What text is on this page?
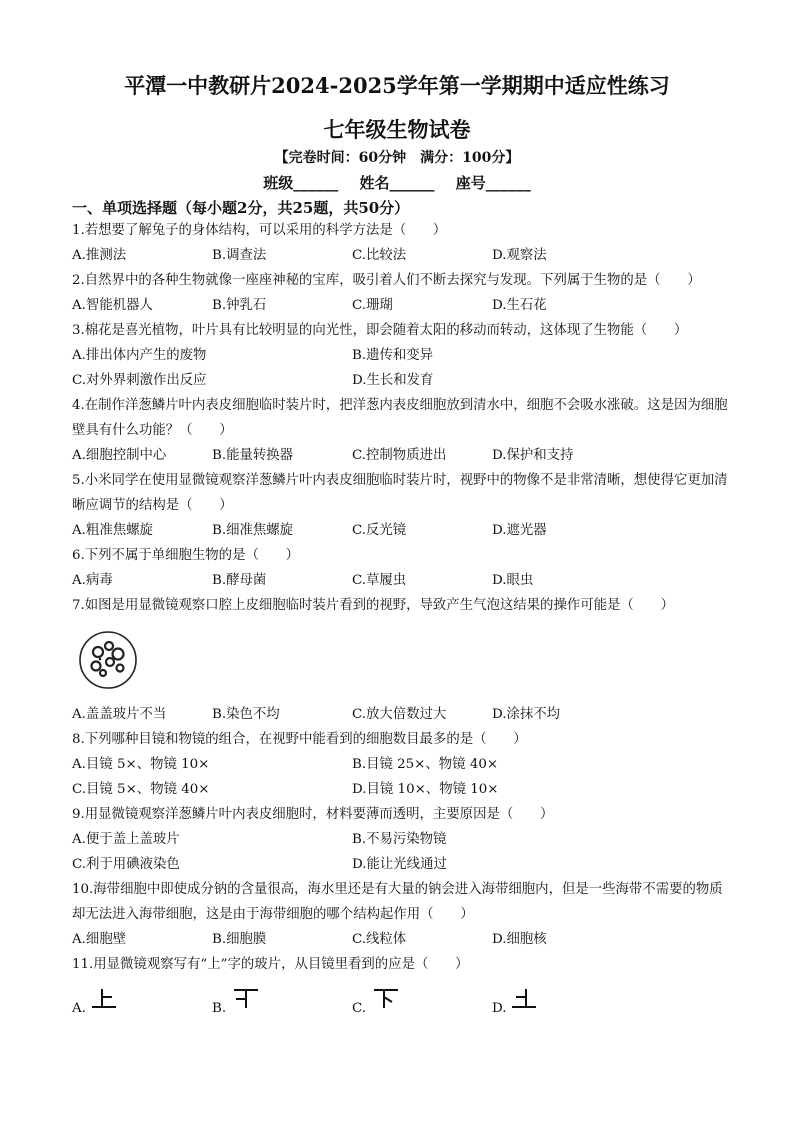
平潭一中教研片2024-2025学年第一学期期中适应性练习
七年级生物试卷
【完卷时间：60分钟　满分：100分】
班级______ 姓名______ 座号______
一、单项选择题（每小题2分，共25题，共50分）
1.若想要了解兔子的身体结构，可以采用的科学方法是（　　）
A.推测法	B.调查法	C.比较法	D.观察法
2.自然界中的各种生物就像一座座神秘的宝库，吸引着人们不断去探究与发现。下列属于生物的是（　　）
A.智能机器人	B.钟乳石	C.珊瑚	D.生石花
3.棉花是喜光植物，叶片具有比较明显的向光性，即会随着太阳的移动而转动，这体现了生物能（　　）
A.排出体内产生的废物	B.遗传和变异
C.对外界刺激作出反应	D.生长和发育
4.在制作洋葱鳞片叶内表皮细胞临时装片时，把洋葱内表皮细胞放到清水中，细胞不会吸水涨破。这是因为细胞壁具有什么功能？（　　）
A.细胞控制中心	B.能量转换器	C.控制物质进出	D.保护和支持
5.小米同学在使用显微镜观察洋葱鳞片叶内表皮细胞临时装片时，视野中的物像不是非常清晰，想使得它更加清晰应调节的结构是（　　）
A.粗准焦螺旋	B.细准焦螺旋	C.反光镜	D.遮光器
6.下列不属于单细胞生物的是（　　）
A.病毒	B.酵母菌	C.草履虫	D.眼虫
7.如图是用显微镜观察口腔上皮细胞临时装片看到的视野，导致产生气泡这结果的操作可能是（　　）
A.盖盖玻片不当	B.染色不均	C.放大倍数过大	D.涂抹不均
8.下列哪种目镜和物镜的组合，在视野中能看到的细胞数目最多的是（　　）
A.目镜 5×、物镜 10×	B.目镜 25×、物镜 40×
C.目镜 5×、物镜 40×	D.目镜 10×、物镜 10×
9.用显微镜观察洋葱鳞片叶内表皮细胞时，材料要薄而透明，主要原因是（　　）
A.便于盖上盖玻片	B.不易污染物镜
C.利于用碘液染色	D.能让光线通过
10.海带细胞中即使成分钠的含量很高，海水里还是有大量的钠会进入海带细胞内，但是一些海带不需要的物质却无法进入海带细胞，这是由于海带细胞的哪个结构起作用（　　）
A.细胞壁	B.细胞膜	C.线粒体	D.细胞核
11.用显微镜观察写有“上”字的玻片，从目镜里看到的应是（　　）
A.	B.	C.	D.
